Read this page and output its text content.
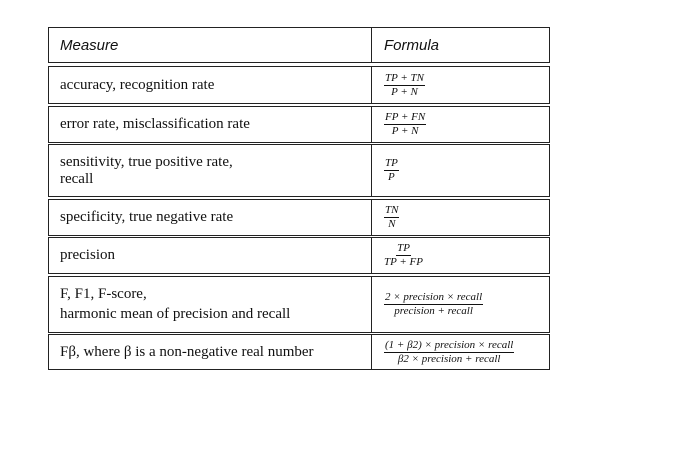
Measure	Formula
accuracy, recognition rate	$\frac{TP + TN}{P + N}$
error rate, misclassification rate	$\frac{FP + FN}{P + N}$
sensitivity, true positive rate,
recall	$\frac{TP}{P}$
specificity, true negative rate	$\frac{TN}{N}$
precision	$\frac{TP}{TP + FP}$
F, F1, F-score,
harmonic mean of precision and recall	$\frac{\text{2 × precision × recall}}{\text{precision + recall}}$
Fβ, where β is a non-negative real number	$\frac{\text{(1 + β2) × precision × recall}}{\text{β2 × precision + recall}}$
